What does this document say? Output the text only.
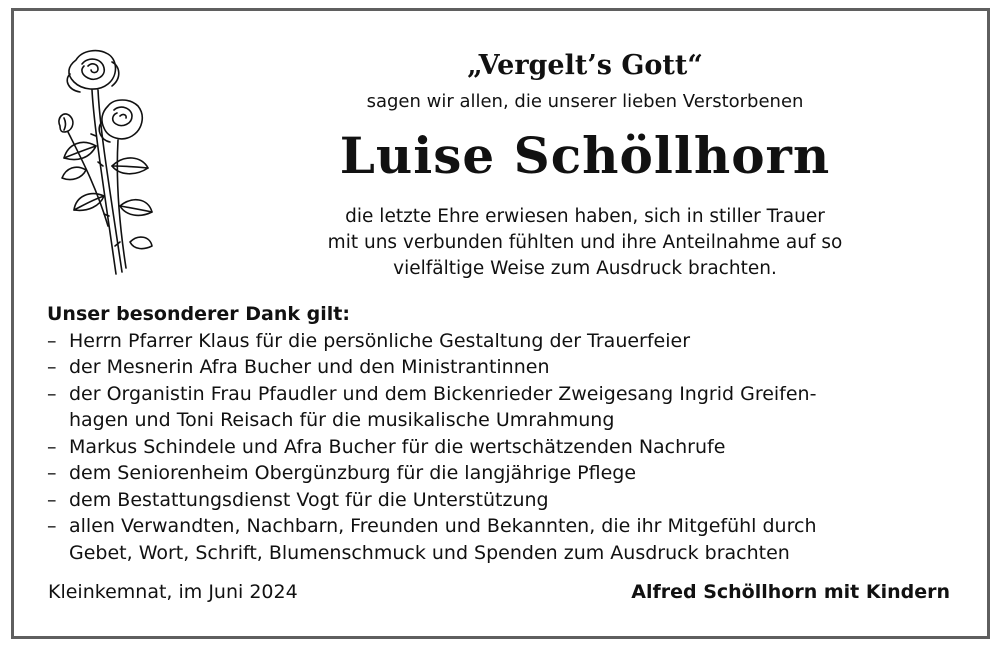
„Vergelt’s Gott“
sagen wir allen, die unserer lieben Verstorbenen
Luise Schöllhorn
die letzte Ehre erwiesen haben, sich in stiller Trauer
mit uns verbunden fühlten und ihre Anteilnahme auf so
vielfältige Weise zum Ausdruck brachten.
Unser besonderer Dank gilt:
– Herrn Pfarrer Klaus für die persönliche Gestaltung der Trauerfeier
– der Mesnerin Afra Bucher und den Ministrantinnen
– der Organistin Frau Pfaudler und dem Bickenrieder Zweigesang Ingrid Greifen-
hagen und Toni Reisach für die musikalische Umrahmung
– Markus Schindele und Afra Bucher für die wertschätzenden Nachrufe
– dem Seniorenheim Obergünzburg für die langjährige Pflege
– dem Bestattungsdienst Vogt für die Unterstützung
– allen Verwandten, Nachbarn, Freunden und Bekannten, die ihr Mitgefühl durch
Gebet, Wort, Schrift, Blumenschmuck und Spenden zum Ausdruck brachten
Kleinkemnat, im Juni 2024	Alfred Schöllhorn mit Kindern
